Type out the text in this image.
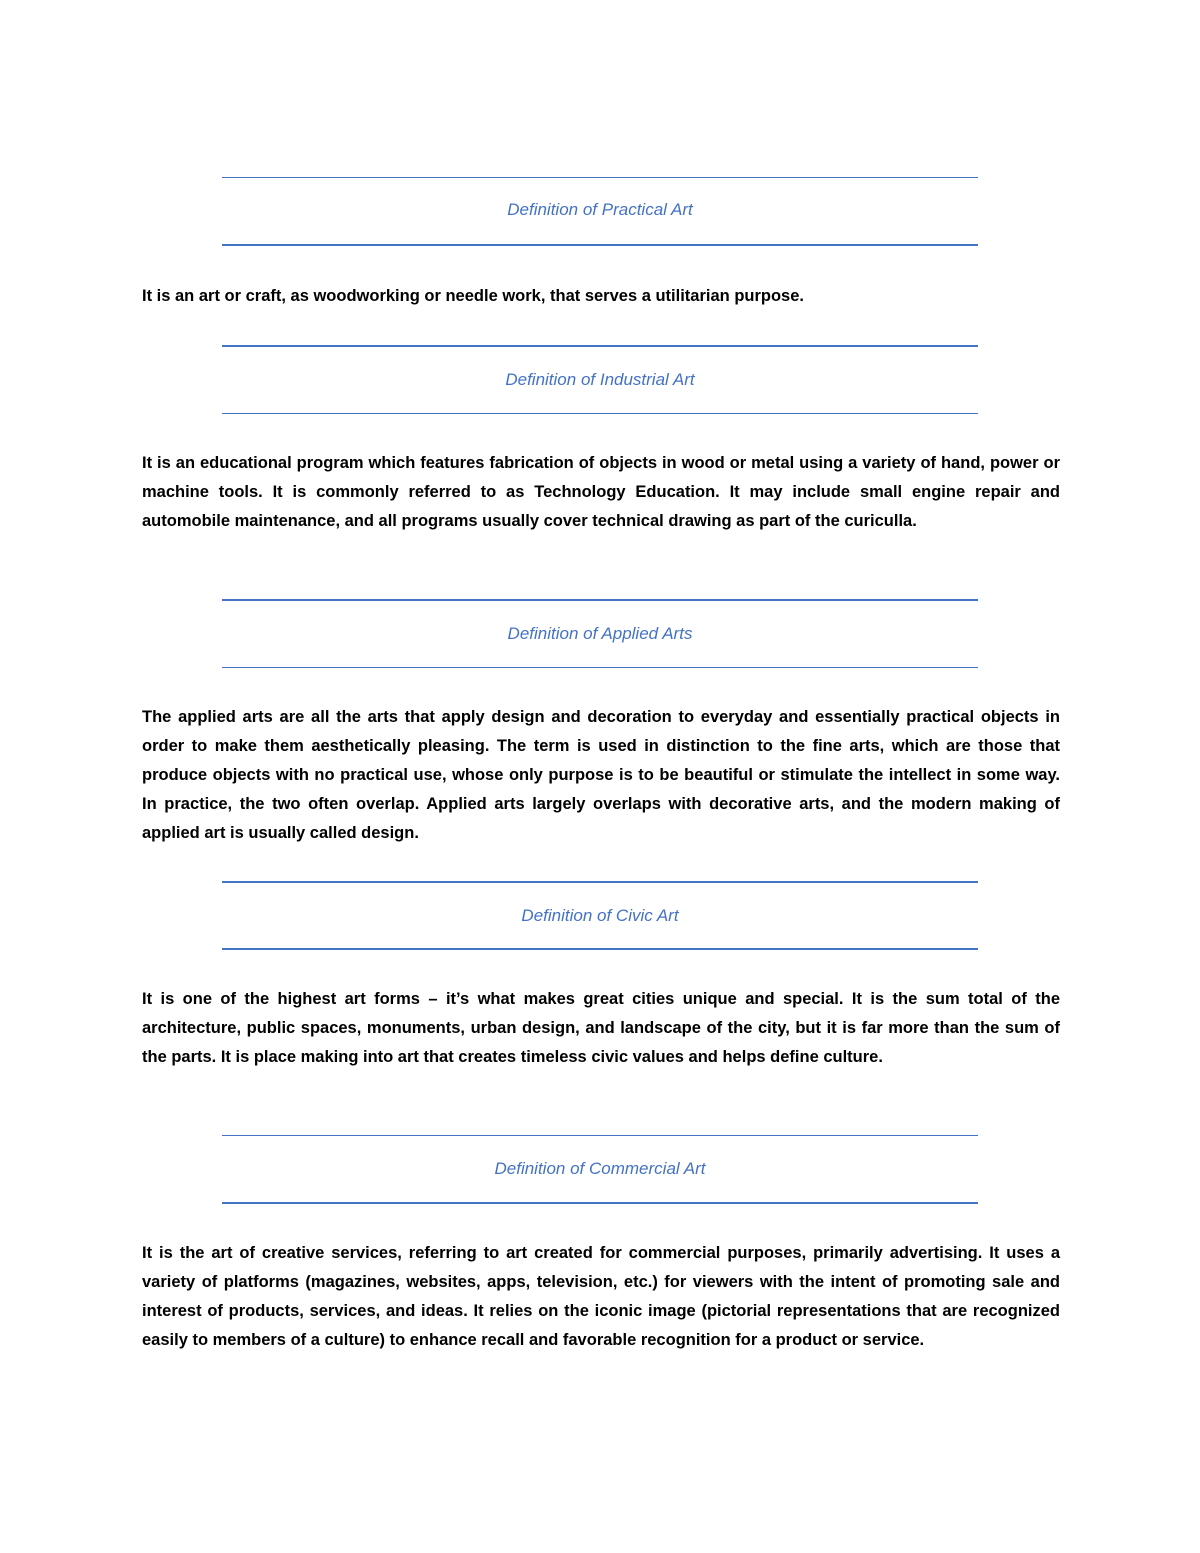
Definition of Practical Art

It is an art or craft, as woodworking or needle work, that serves a utilitarian purpose.

Definition of Industrial Art

It is an educational program which features fabrication of objects in wood or metal using a variety of hand, power or machine tools. It is commonly referred to as Technology Education. It may include small engine repair and automobile maintenance, and all programs usually cover technical drawing as part of the curiculla.

Definition of Applied Arts

The applied arts are all the arts that apply design and decoration to everyday and essentially practical objects in order to make them aesthetically pleasing. The term is used in distinction to the fine arts, which are those that produce objects with no practical use, whose only purpose is to be beautiful or stimulate the intellect in some way. In practice, the two often overlap. Applied arts largely overlaps with decorative arts, and the modern making of applied art is usually called design.

Definition of Civic Art

It is one of the highest art forms – it’s what makes great cities unique and special. It is the sum total of the architecture, public spaces, monuments, urban design, and landscape of the city, but it is far more than the sum of the parts. It is place making into art that creates timeless civic values and helps define culture.

Definition of Commercial Art

It is the art of creative services, referring to art created for commercial purposes, primarily advertising. It uses a variety of platforms (magazines, websites, apps, television, etc.) for viewers with the intent of promoting sale and interest of products, services, and ideas. It relies on the iconic image (pictorial representations that are recognized easily to members of a culture) to enhance recall and favorable recognition for a product or service.
